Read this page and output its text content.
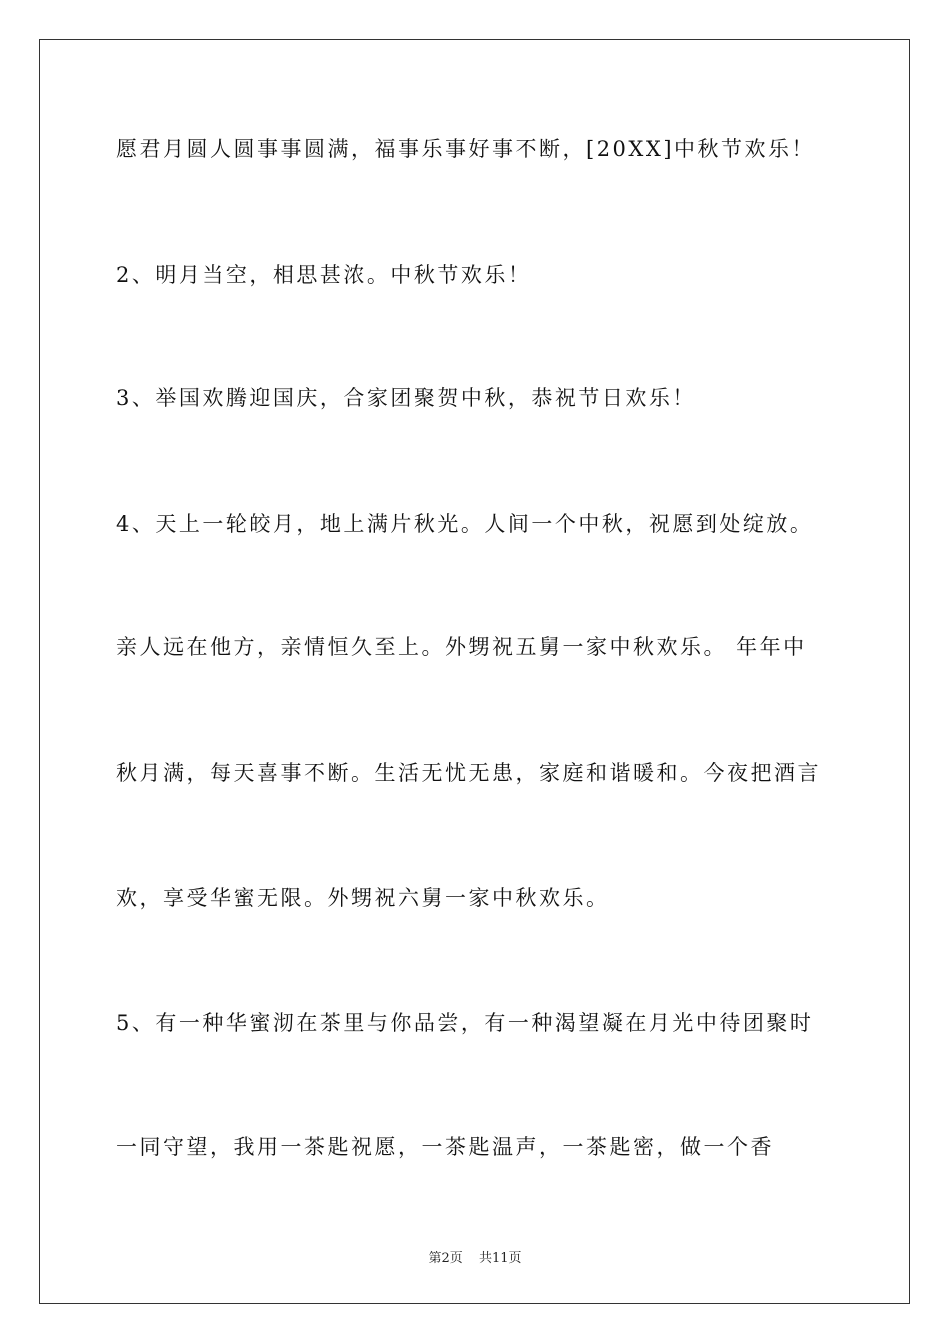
愿君月圆人圆事事圆满，福事乐事好事不断，[20XX]中秋节欢乐！
2、明月当空，相思甚浓。中秋节欢乐！
3、举国欢腾迎国庆，合家团聚贺中秋，恭祝节日欢乐！
4、天上一轮皎月，地上满片秋光。人间一个中秋，祝愿到处绽放。
亲人远在他方，亲情恒久至上。外甥祝五舅一家中秋欢乐。 年年中
秋月满，每天喜事不断。生活无忧无患，家庭和谐暖和。今夜把酒言
欢，享受华蜜无限。外甥祝六舅一家中秋欢乐。
5、有一种华蜜沏在茶里与你品尝，有一种渴望凝在月光中待团聚时
一同守望，我用一茶匙祝愿，一茶匙温声，一茶匙密，做一个香
第2页 共11页
